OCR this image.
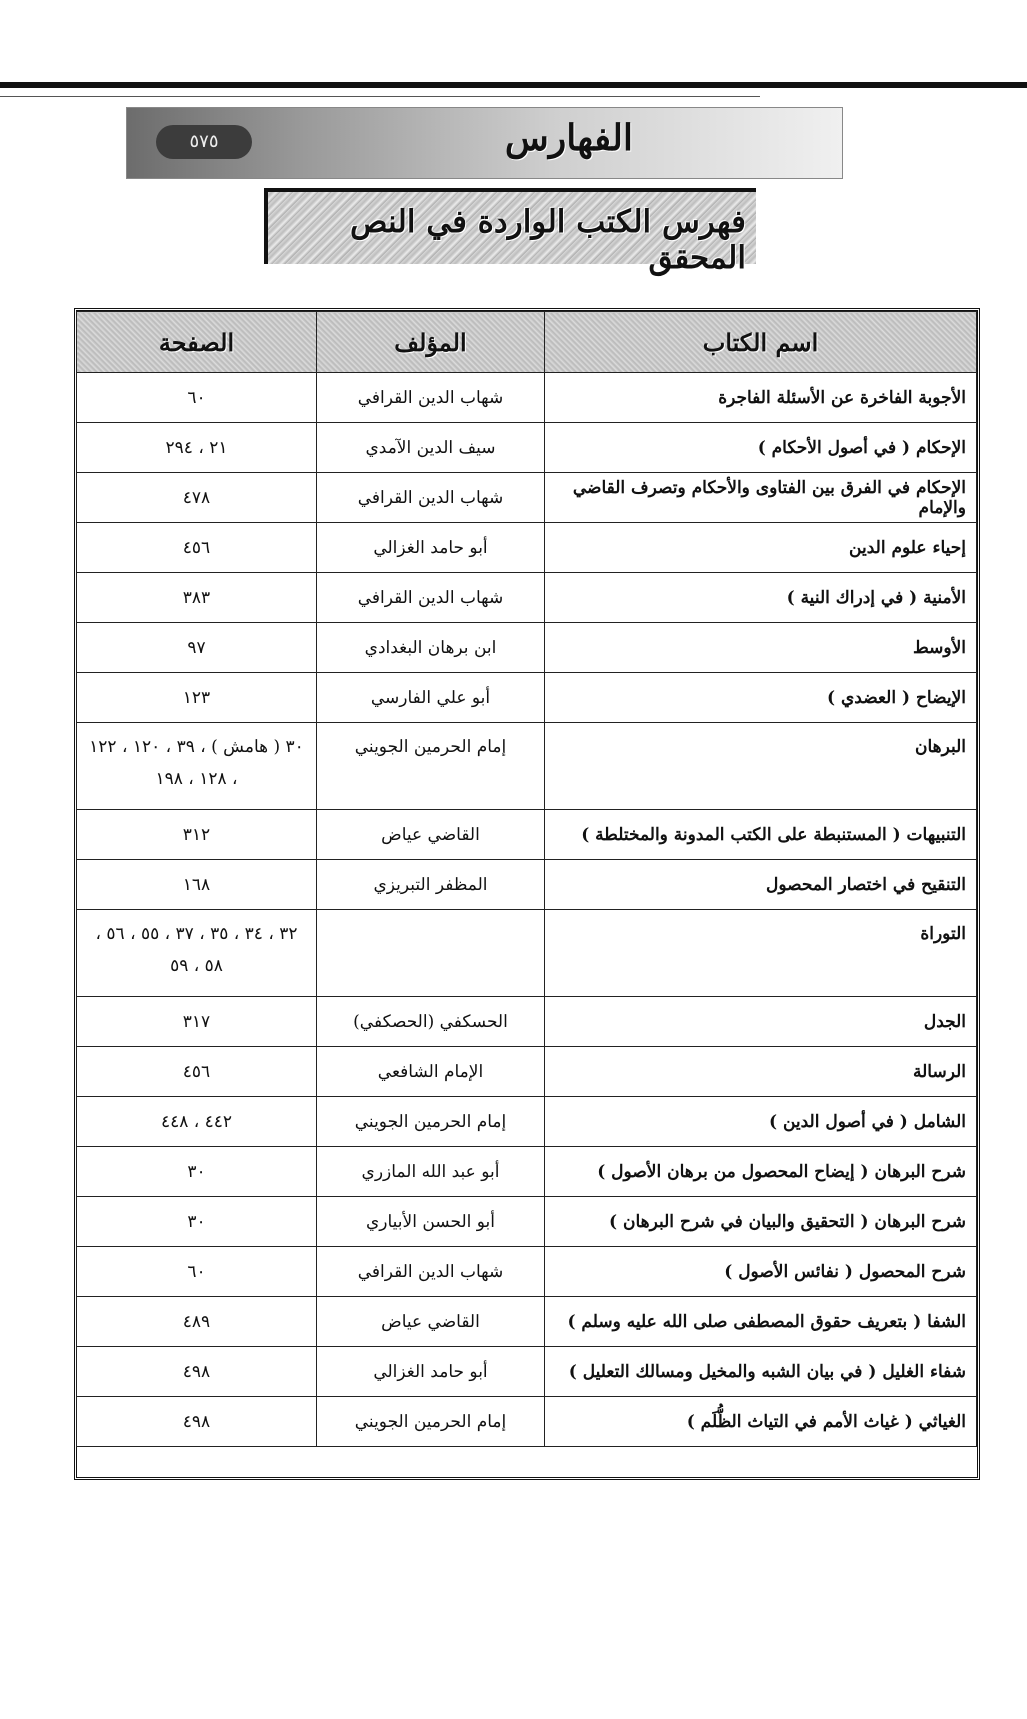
الفهارس
٥٧٥
فهرس الكتب الواردة في النص المحقق
اسم الكتاب	المؤلف	الصفحة
الأجوبة الفاخرة عن الأسئلة الفاجرة	شهاب الدين القرافي	٦٠
الإحكام ( في أصول الأحكام )	سيف الدين الآمدي	٢١ ، ٢٩٤
الإحكام في الفرق بين الفتاوى والأحكام وتصرف القاضي والإمام	شهاب الدين القرافي	٤٧٨
إحياء علوم الدين	أبو حامد الغزالي	٤٥٦
الأمنية ( في إدراك النية )	شهاب الدين القرافي	٣٨٣
الأوسط	ابن برهان البغدادي	٩٧
الإيضاح ( العضدي )	أبو علي الفارسي	١٢٣
البرهان	إمام الحرمين الجويني	٣٠ ( هامش ) ، ٣٩ ، ١٢٠ ، ١٢٢ ، ١٢٨ ، ١٩٨
التنبيهات ( المستنبطة على الكتب المدونة والمختلطة )	القاضي عياض	٣١٢
التنقيح في اختصار المحصول	المظفر التبريزي	١٦٨
التوراة		٣٢ ، ٣٤ ، ٣٥ ، ٣٧ ، ٥٥ ، ٥٦ ، ٥٨ ، ٥٩
الجدل	الحسكفي (الحصكفي)	٣١٧
الرسالة	الإمام الشافعي	٤٥٦
الشامل ( في أصول الدين )	إمام الحرمين الجويني	٤٤٢ ، ٤٤٨
شرح البرهان ( إيضاح المحصول من برهان الأصول )	أبو عبد الله المازري	٣٠
شرح البرهان ( التحقيق والبيان في شرح البرهان )	أبو الحسن الأبياري	٣٠
شرح المحصول ( نفائس الأصول )	شهاب الدين القرافي	٦٠
الشفا ( بتعريف حقوق المصطفى صلى الله عليه وسلم )	القاضي عياض	٤٨٩
شفاء الغليل ( في بيان الشبه والمخيل ومسالك التعليل )	أبو حامد الغزالي	٤٩٨
الغياثي ( غياث الأمم في التياث الظُّلَم )	إمام الحرمين الجويني	٤٩٨
